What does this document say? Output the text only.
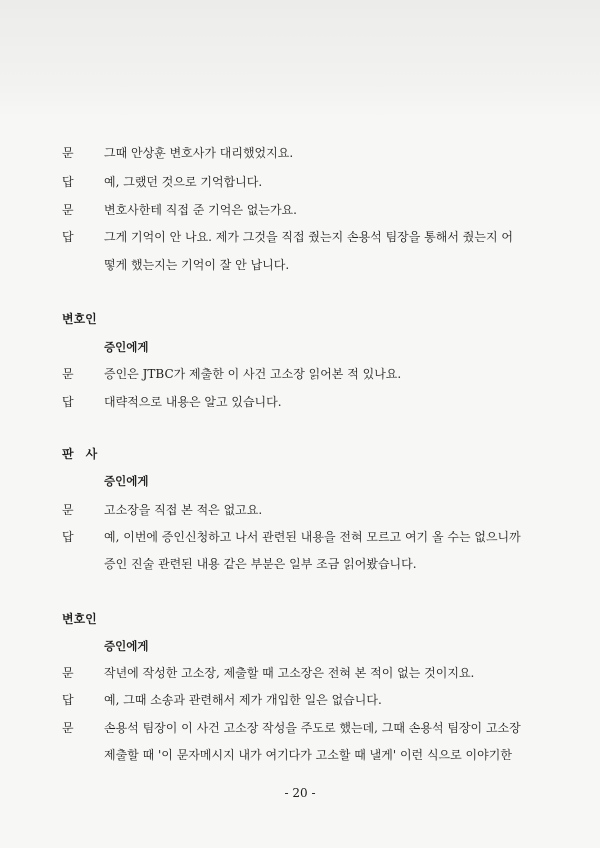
문	그때 안상훈 변호사가 대리했었지요.
답	예, 그랬던 것으로 기억합니다.
문	변호사한테 직접 준 기억은 없는가요.
답	그게 기억이 안 나요. 제가 그것을 직접 줬는지 손용석 팀장을 통해서 줬는지 어
떻게 했는지는 기억이 잘 안 납니다.
변호인
증인에게
문	증인은 JTBC가 제출한 이 사건 고소장 읽어본 적 있나요.
답	대략적으로 내용은 알고 있습니다.
판사
증인에게
문	고소장을 직접 본 적은 없고요.
답	예, 이번에 증인신청하고 나서 관련된 내용을 전혀 모르고 여기 올 수는 없으니까
증인 진술 관련된 내용 같은 부분은 일부 조금 읽어봤습니다.
변호인
증인에게
문	작년에 작성한 고소장, 제출할 때 고소장은 전혀 본 적이 없는 것이지요.
답	예, 그때 소송과 관련해서 제가 개입한 일은 없습니다.
문	손용석 팀장이 이 사건 고소장 작성을 주도로 했는데, 그때 손용석 팀장이 고소장
제출할 때 '이 문자메시지 내가 여기다가 고소할 때 낼게' 이런 식으로 이야기한
- 20 -
